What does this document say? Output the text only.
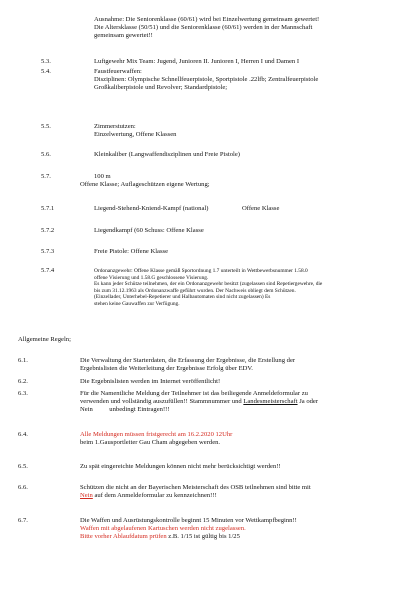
Ausnahme: Die Seniorenklasse (60/61) wird bei Einzelwertung gemeinsam gewertet!
Die Altersklasse (50/51) und die Seniorenklasse (60/61) werden in der Mannschaft
gemeinsam gewertet!!
5.3.	Luftgewehr Mix Team: Jugend, Junioren II. Junioren I, Herren I und Damen I
5.4.	Faustfeuerwaffen:
Disziplinen: Olympische Schnellfeuerpistole, Sportpistole .22lfb; Zentralfeuerpistole
Großkaliberpistole und Revolver; Standardpistole;
5.5.	Zimmerstutzen:
Einzelwertung, Offene Klassen
5.6.	Kleinkaliber (Langwaffendisziplinen und Freie Pistole)
5.7.	100 m
Offene Klasse; Auflageschützen eigene Wertung;
5.7.1	Liegend-Stehend-Kniend-Kampf (national)	Offene Klasse
5.7.2	Liegendkampf (60 Schuss: Offene Klasse
5.7.3	Freie Pistole: Offene Klasse
5.7.4	Ordonanzgewehr: Offene Klasse gemäß Sportordnung 1.7 unterteilt in Wettbewerbsnummer 1.58.0
offene Visierung und 1.58.G geschlossene Visierung.
Es kann jeder Schütze teilnehmen, der ein Ordonanzgewehr besitzt (zugelassen sind Repetiergewehre, die
bis zum 31.12.1963 als Ordonanzwaffe geführt wurden. Der Nachweis obliegt dem Schützen.
(Einzellader, Unterhebel-Repetierer und Halbautomaten sind nicht zugelassen) Es
stehen keine Gauwaffen zur Verfügung.
Allgemeine Regeln;
6.1.	Die Verwaltung der Starterdaten, die Erfassung der Ergebnisse, die Erstellung der
Ergebnislisten die Weiterleitung der Ergebnisse Erfolg über EDV.
6.2.	Die Ergebnislisten werden im Internet veröffentlicht!
6.3.	Für die Namentliche Meldung der Teilnehmer ist das beiliegende Anmeldeformular zu
verwenden und vollständig auszufüllen!! Stammnummer und Landesmeisterschaft Ja oder
Nein          unbedingt Eintragen!!!
6.4.	Alle Meldungen müssen fristgerecht am 16.2.2020 12Uhr
beim 1.Gausportleiter Gau Cham abgegeben werden.
6.5.	Zu spät eingereichte Meldungen können nicht mehr berücksichtigt werden!!
6.6.	Schützen die nicht an der Bayerischen Meisterschaft des OSB teilnehmen sind bitte mit
Nein auf dem Anmeldeformular zu kennzeichnen!!!
6.7.	Die Waffen und Ausrüstungskontrolle beginnt 15 Minuten vor Wettkampfbeginn!!
Waffen mit abgelaufenen Kartuschen werden nicht zugelassen.
Bitte vorher Ablaufdatum prüfen z.B. 1/15 ist gültig bis 1/25
